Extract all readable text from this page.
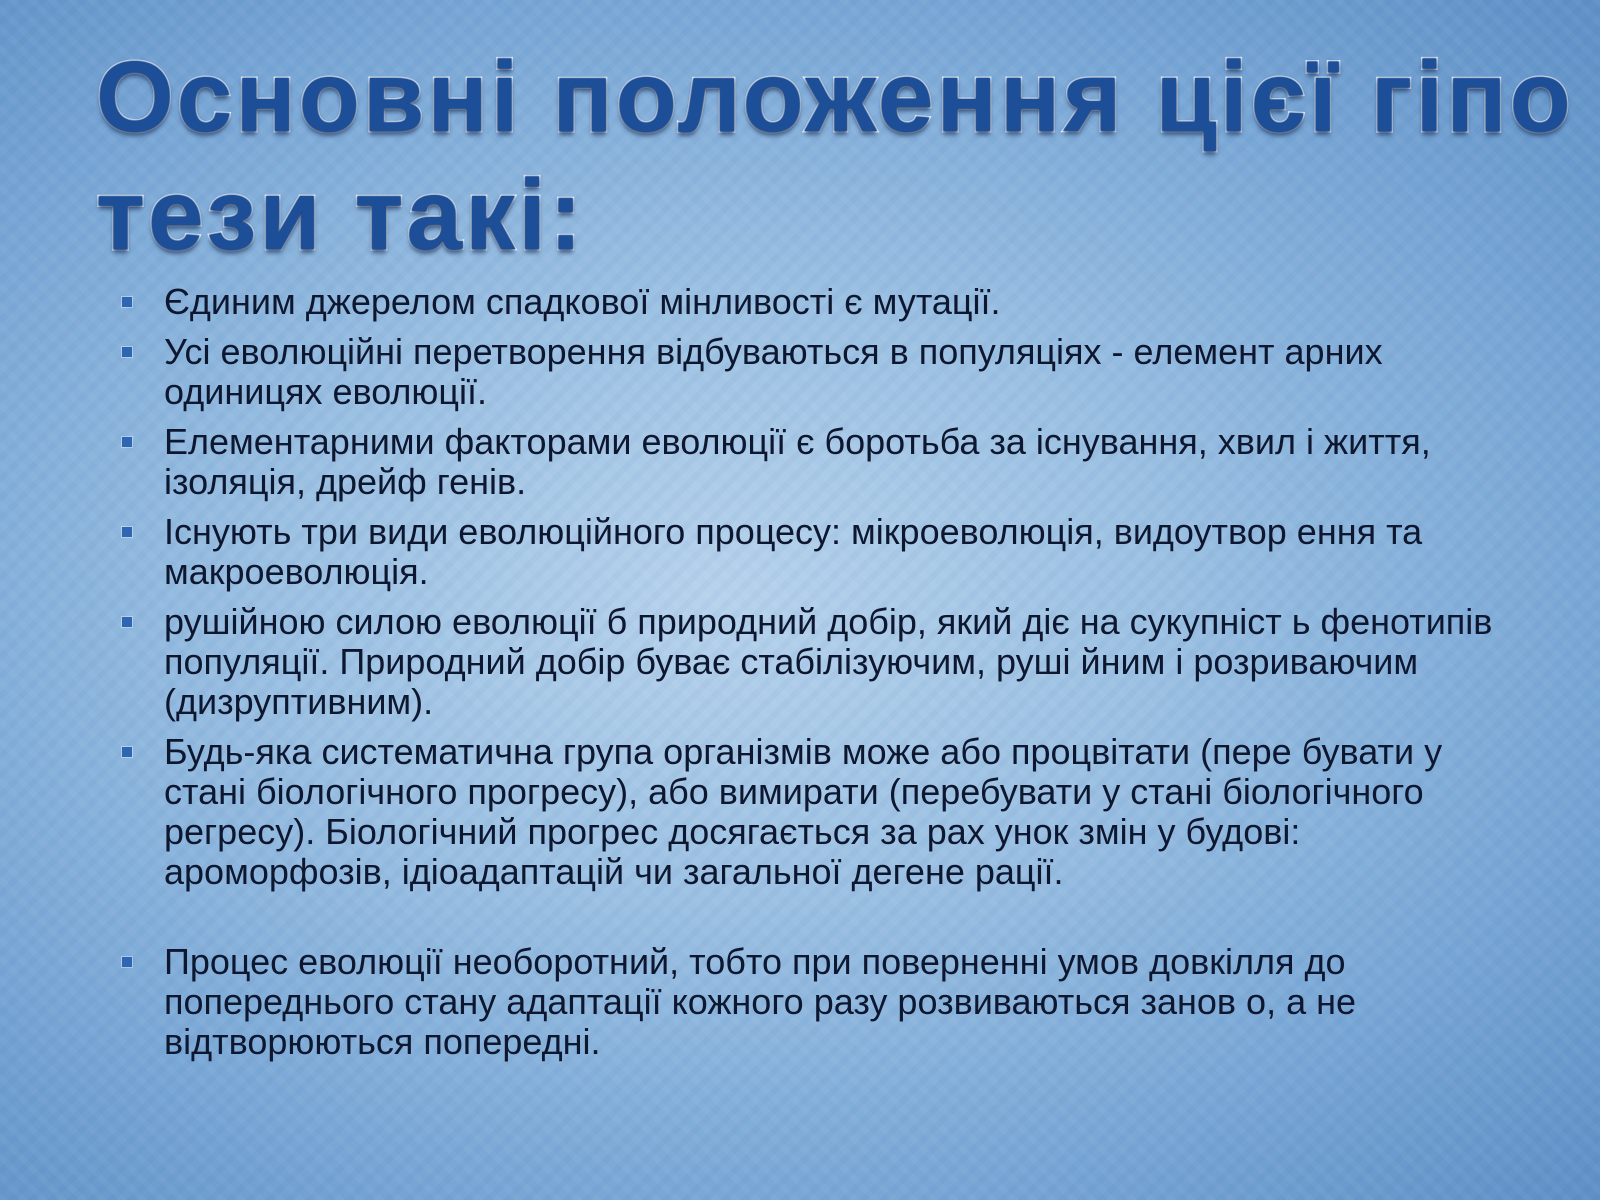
Основні положення цієї гіпо
тези такі:
Єдиним джерелом спадкової мінливості є мутації.
Усі еволюційні перетворення відбуваються в популяціях - елемент арних одиницях еволюції.
Елементарними факторами еволюції є боротьба за існування, хвил і життя, ізоляція, дрейф генів.
Існують три види еволюційного процесу: мікроеволюція, видоутвор ення та макроеволюція.
рушійною силою еволюції б природний добір, який діє на сукупніст ь фенотипів популяції. Природний добір буває стабілізуючим, руші йним і розриваючим (дизруптивним).
Будь-яка систематична група організмів може або процвітати (пере бувати у стані біологічного прогресу), або вимирати (перебувати у стані біологічного регресу). Біологічний прогрес досягається за рах унок змін у будові: ароморфозів, ідіоадаптацій чи загальної дегене рації.
Процес еволюції необоротний, тобто при поверненні умов довкілля до попереднього стану адаптації кожного разу розвиваються занов о, а не відтворюються попередні.
